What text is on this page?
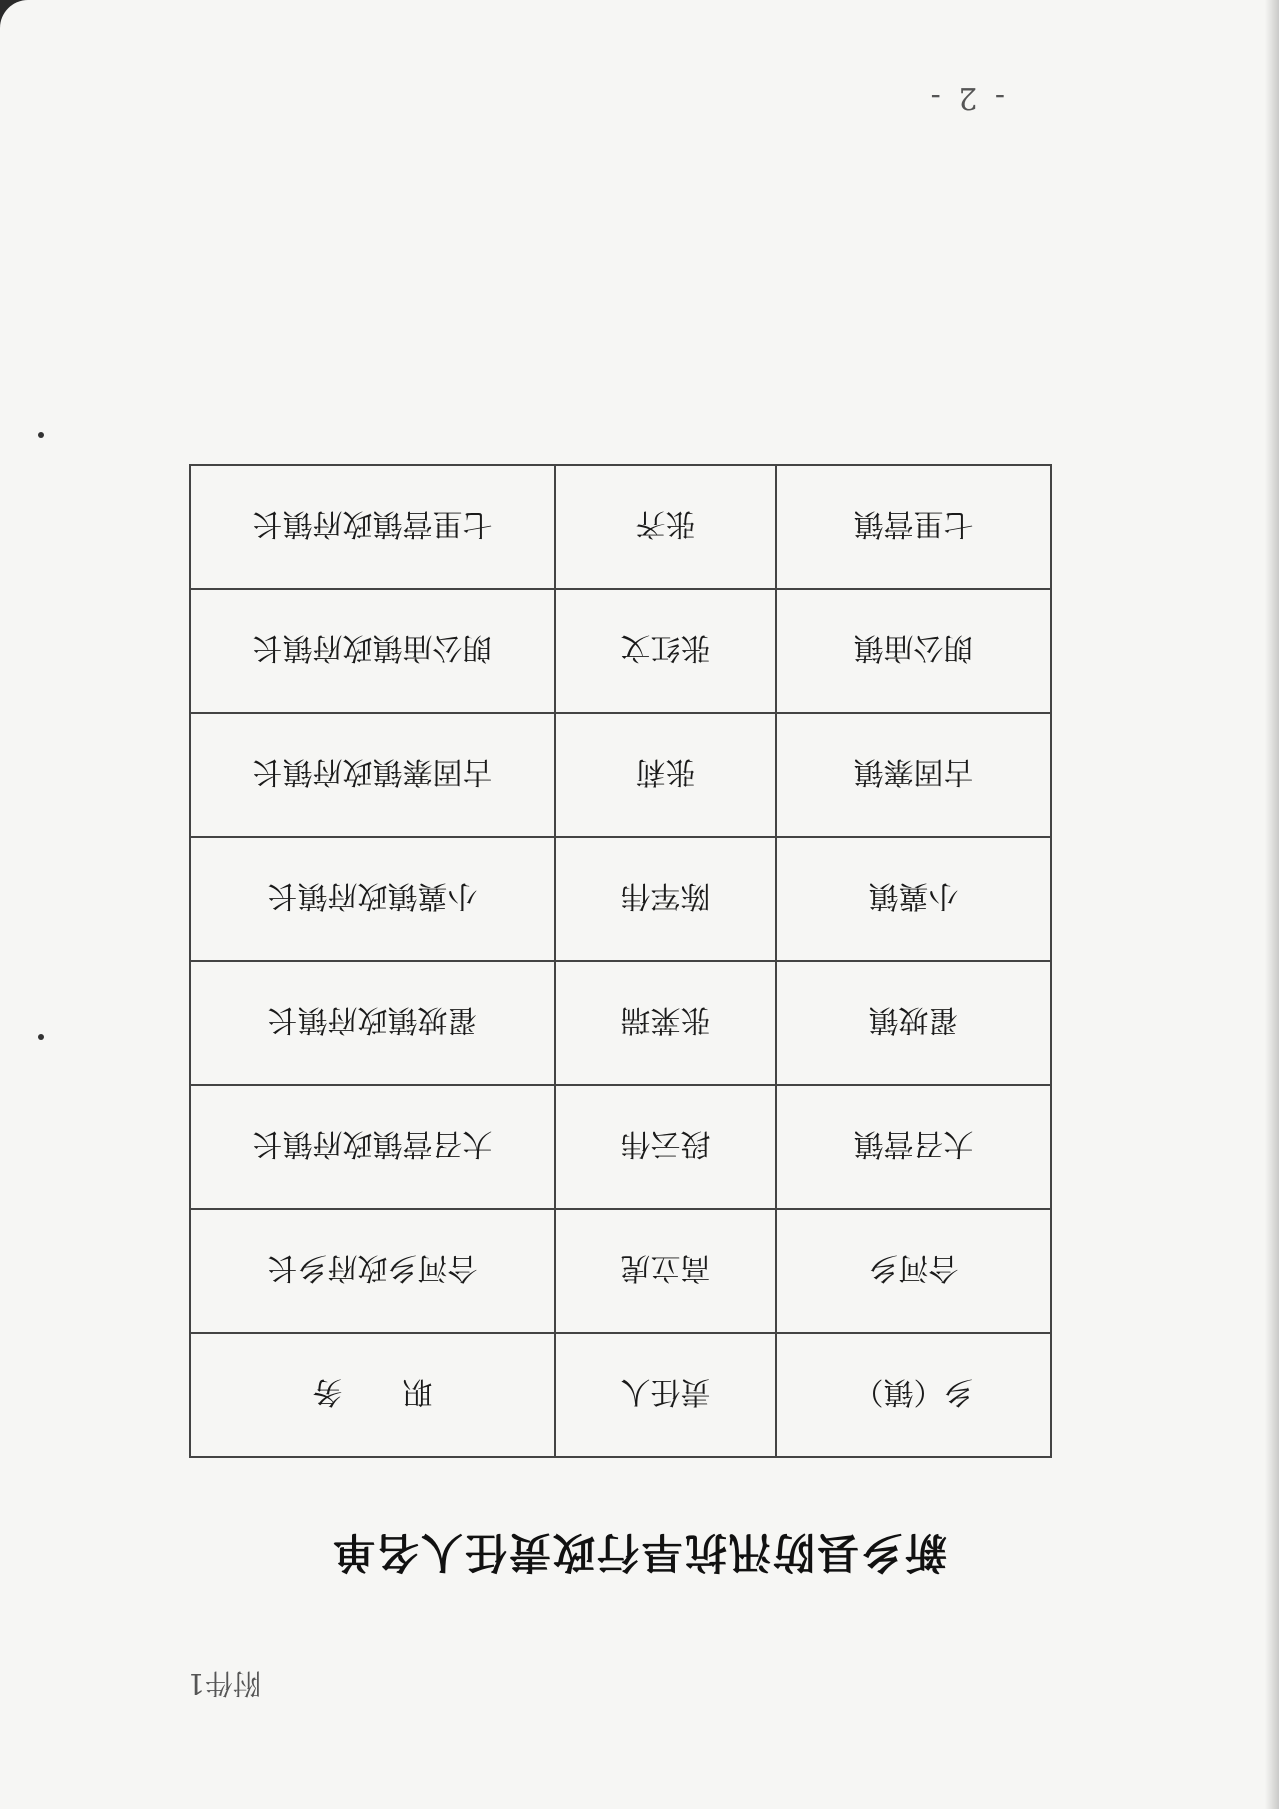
附件1
新乡县防汛抗旱行政责任人名单
乡（镇）	责任人	职　　务
合河乡	高立虎	合河乡政府乡长
大召营镇	段云伟	大召营镇政府镇长
翟坡镇	张莱瑞	翟坡镇政府镇长
小冀镇	陈军伟	小冀镇政府镇长
古固寨镇	张莉	古固寨镇政府镇长
朗公庙镇	张红文	朗公庙镇政府镇长
七里营镇	张齐	七里营镇政府镇长
- 2 -
